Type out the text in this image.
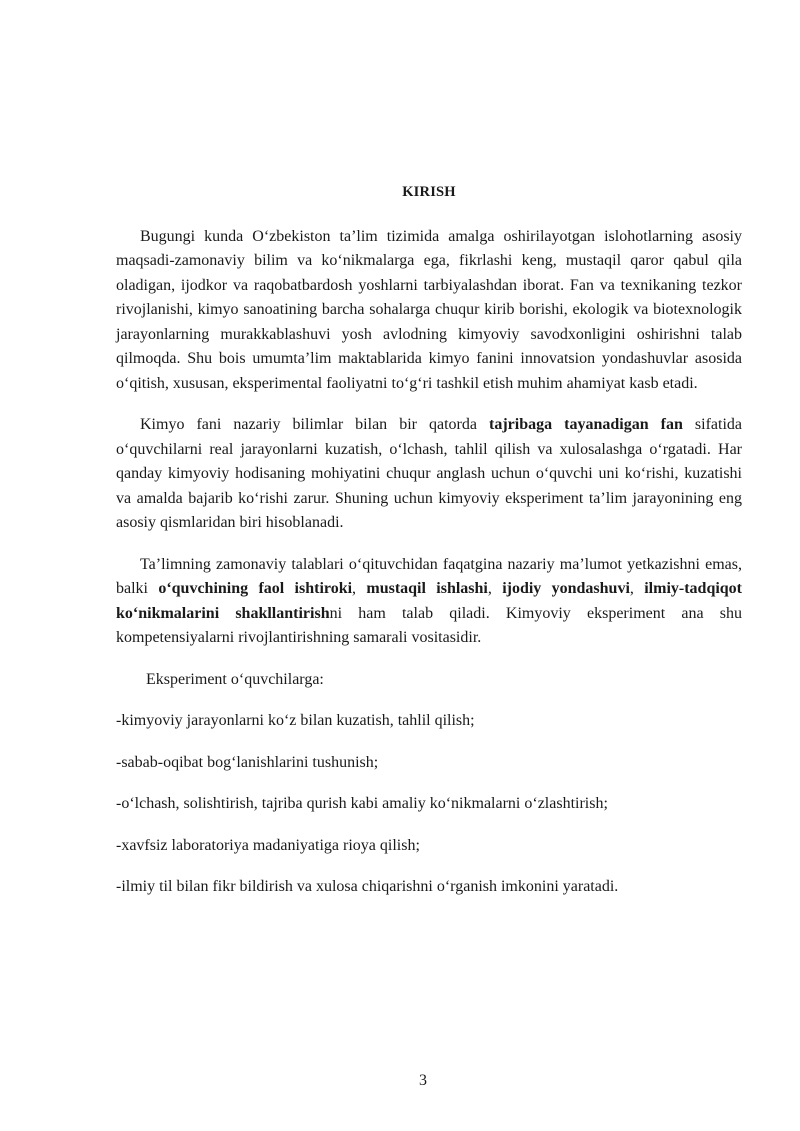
KIRISH

Bugungi kunda O‘zbekiston ta’lim tizimida amalga oshirilayotgan islohotlarning asosiy maqsadi-zamonaviy bilim va ko‘nikmalarga ega, fikrlashi keng, mustaqil qaror qabul qila oladigan, ijodkor va raqobatbardosh yoshlarni tarbiyalashdan iborat. Fan va texnikaning tezkor rivojlanishi, kimyo sanoatining barcha sohalarga chuqur kirib borishi, ekologik va biotexnologik jarayonlarning murakkablashuvi yosh avlodning kimyoviy savodxonligini oshirishni talab qilmoqda. Shu bois umumta’lim maktablarida kimyo fanini innovatsion yondashuvlar asosida o‘qitish, xususan, eksperimental faoliyatni to‘g‘ri tashkil etish muhim ahamiyat kasb etadi.

Kimyo fani nazariy bilimlar bilan bir qatorda tajribaga tayanadigan fan sifatida o‘quvchilarni real jarayonlarni kuzatish, o‘lchash, tahlil qilish va xulosalashga o‘rgatadi. Har qanday kimyoviy hodisaning mohiyatini chuqur anglash uchun o‘quvchi uni ko‘rishi, kuzatishi va amalda bajarib ko‘rishi zarur. Shuning uchun kimyoviy eksperiment ta’lim jarayonining eng asosiy qismlaridan biri hisoblanadi.

Ta’limning zamonaviy talablari o‘qituvchidan faqatgina nazariy ma’lumot yetkazishni emas, balki o‘quvchining faol ishtiroki, mustaqil ishlashi, ijodiy yondashuvi, ilmiy-tadqiqot ko‘nikmalarini shakllantirishni ham talab qiladi. Kimyoviy eksperiment ana shu kompetensiyalarni rivojlantirishning samarali vositasidir.

Eksperiment o‘quvchilarga:

-kimyoviy jarayonlarni ko‘z bilan kuzatish, tahlil qilish;
-sabab-oqibat bog‘lanishlarini tushunish;
-o‘lchash, solishtirish, tajriba qurish kabi amaliy ko‘nikmalarni o‘zlashtirish;
-xavfsiz laboratoriya madaniyatiga rioya qilish;
-ilmiy til bilan fikr bildirish va xulosa chiqarishni o‘rganish imkonini yaratadi.
3
